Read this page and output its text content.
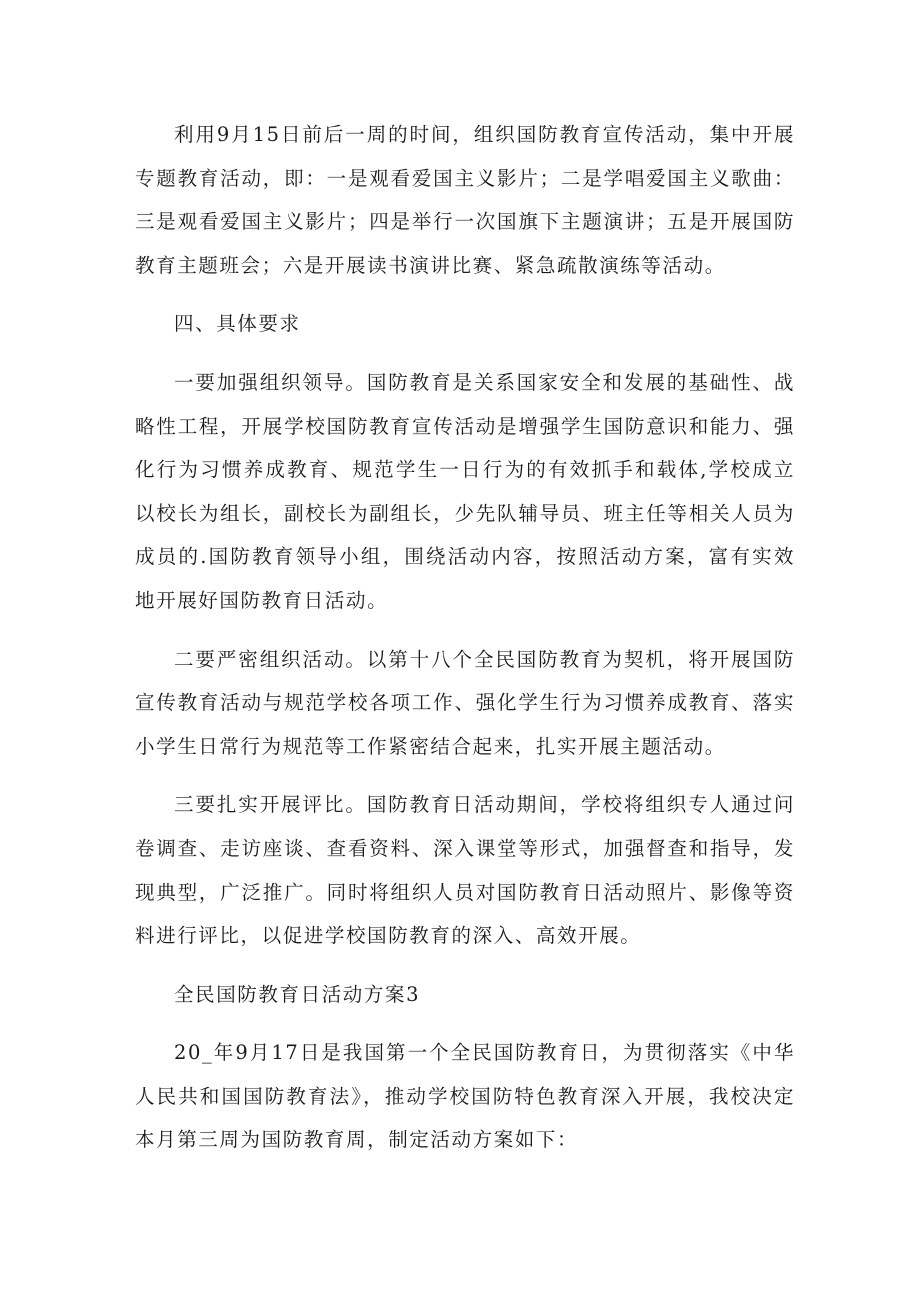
利用9月15日前后一周的时间，组织国防教育宣传活动，集中开展专题教育活动，即：一是观看爱国主义影片；二是学唱爱国主义歌曲：三是观看爱国主义影片；四是举行一次国旗下主题演讲；五是开展国防教育主题班会；六是开展读书演讲比赛、紧急疏散演练等活动。

四、具体要求

一要加强组织领导。国防教育是关系国家安全和发展的基础性、战略性工程，开展学校国防教育宣传活动是增强学生国防意识和能力、强化行为习惯养成教育、规范学生一日行为的有效抓手和载体,学校成立以校长为组长，副校长为副组长，少先队辅导员、班主任等相关人员为成员的.国防教育领导小组，围绕活动内容，按照活动方案，富有实效地开展好国防教育日活动。

二要严密组织活动。以第十八个全民国防教育为契机，将开展国防宣传教育活动与规范学校各项工作、强化学生行为习惯养成教育、落实小学生日常行为规范等工作紧密结合起来，扎实开展主题活动。

三要扎实开展评比。国防教育日活动期间，学校将组织专人通过问卷调查、走访座谈、查看资料、深入课堂等形式，加强督查和指导，发现典型，广泛推广。同时将组织人员对国防教育日活动照片、影像等资料进行评比，以促进学校国防教育的深入、高效开展。

全民国防教育日活动方案3

20_年9月17日是我国第一个全民国防教育日，为贯彻落实《中华人民共和国国防教育法》，推动学校国防特色教育深入开展，我校决定本月第三周为国防教育周，制定活动方案如下：
